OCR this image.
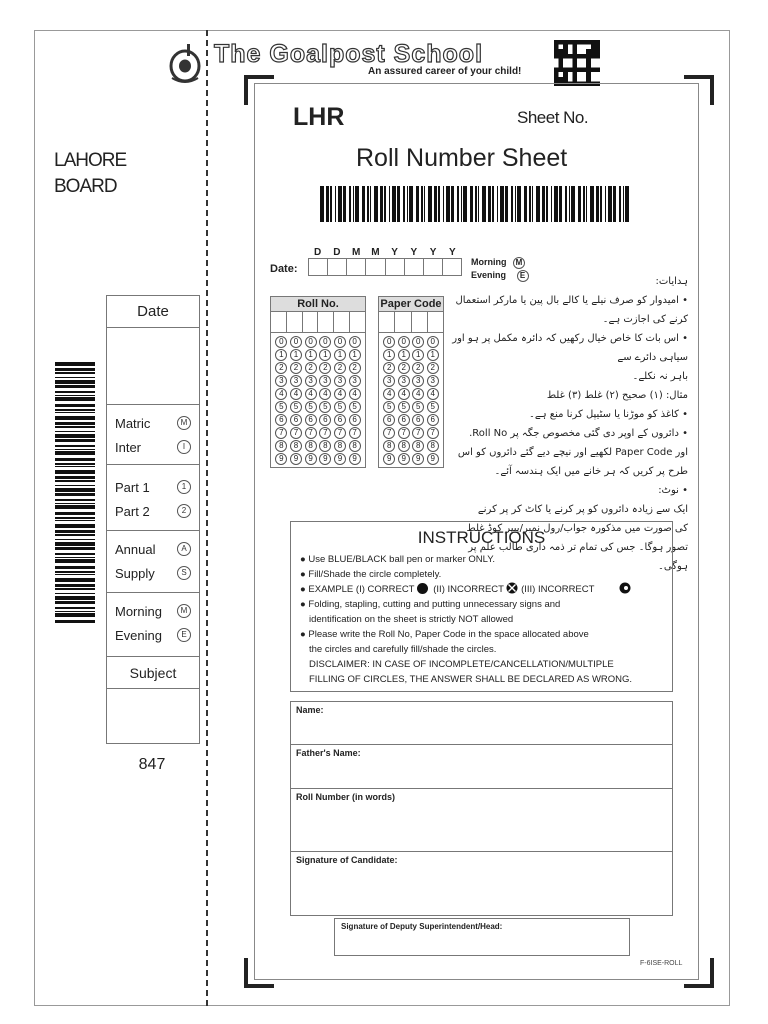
LAHORE
BOARD
Date
Matric	M
Inter	I
Part 1	1
Part 2	2
Annual	A
Supply	S
Morning	M
Evening	E
Subject
847
The Goalpost School
An assured career of your child!
LHR	Sheet No.
Roll Number Sheet
Date:
D	D	M	M	Y	Y	Y	Y
Morning M
Evening E
Roll No.
0	0	0	0	0	0
1	1	1	1	1	1
2	2	2	2	2	2
3	3	3	3	3	3
4	4	4	4	4	4
5	5	5	5	5	5
6	6	6	6	6	6
7	7	7	7	7	7
8	8	8	8	8	8
9	9	9	9	9	9
Paper Code
0	0	0	0
1	1	1	1
2	2	2	2
3	3	3	3
4	4	4	4
5	5	5	5
6	6	6	6
7	7	7	7
8	8	8	8
9	9	9	9
ہدایات:
• امیدوار کو صرف نیلے یا کالے بال پین یا مارکر استعمال کرنے کی اجازت ہے۔
• اس بات کا خاص خیال رکھیں کہ دائرہ مکمل پر ہو اور سیاہی دائرے سے
باہر نہ نکلے۔
مثال: (۱) صحیح (۲) غلط (۳) غلط
• کاغذ کو موڑنا یا سٹیپل کرنا منع ہے۔
• دائروں کے اوپر دی گئی مخصوص جگہ پر Roll No.
اور Paper Code لکھیے اور نیچے دیے گئے دائروں کو اس
طرح پر کریں کہ ہر خانے میں ایک ہندسہ آئے۔
• نوٹ:
ایک سے زیادہ دائروں کو پر کرنے یا کاٹ کر پر کرنے
کی صورت میں مذکورہ جواب/رول نمبر/پیپر کوڈ غلط
تصور ہوگا۔ جس کی تمام تر ذمہ داری طالب علم پر ہوگی۔
INSTRUCTIONS
● Use BLUE/BLACK ball pen or marker ONLY.
● Fill/Shade the circle completely.
● EXAMPLE (I) CORRECT (II) INCORRECT (III) INCORRECT
● Folding, stapling, cutting and putting unnecessary signs and
identification on the sheet is strictly NOT allowed
● Please write the Roll No, Paper Code in the space allocated above
the circles and carefully fill/shade the circles.
DISCLAIMER: IN CASE OF INCOMPLETE/CANCELLATION/MULTIPLE
FILLING OF CIRCLES, THE ANSWER SHALL BE DECLARED AS WRONG.
Name:
Father's Name:
Roll Number (in words)
Signature of Candidate:
Signature of Deputy Superintendent/Head:
F-6ISE-ROLL
